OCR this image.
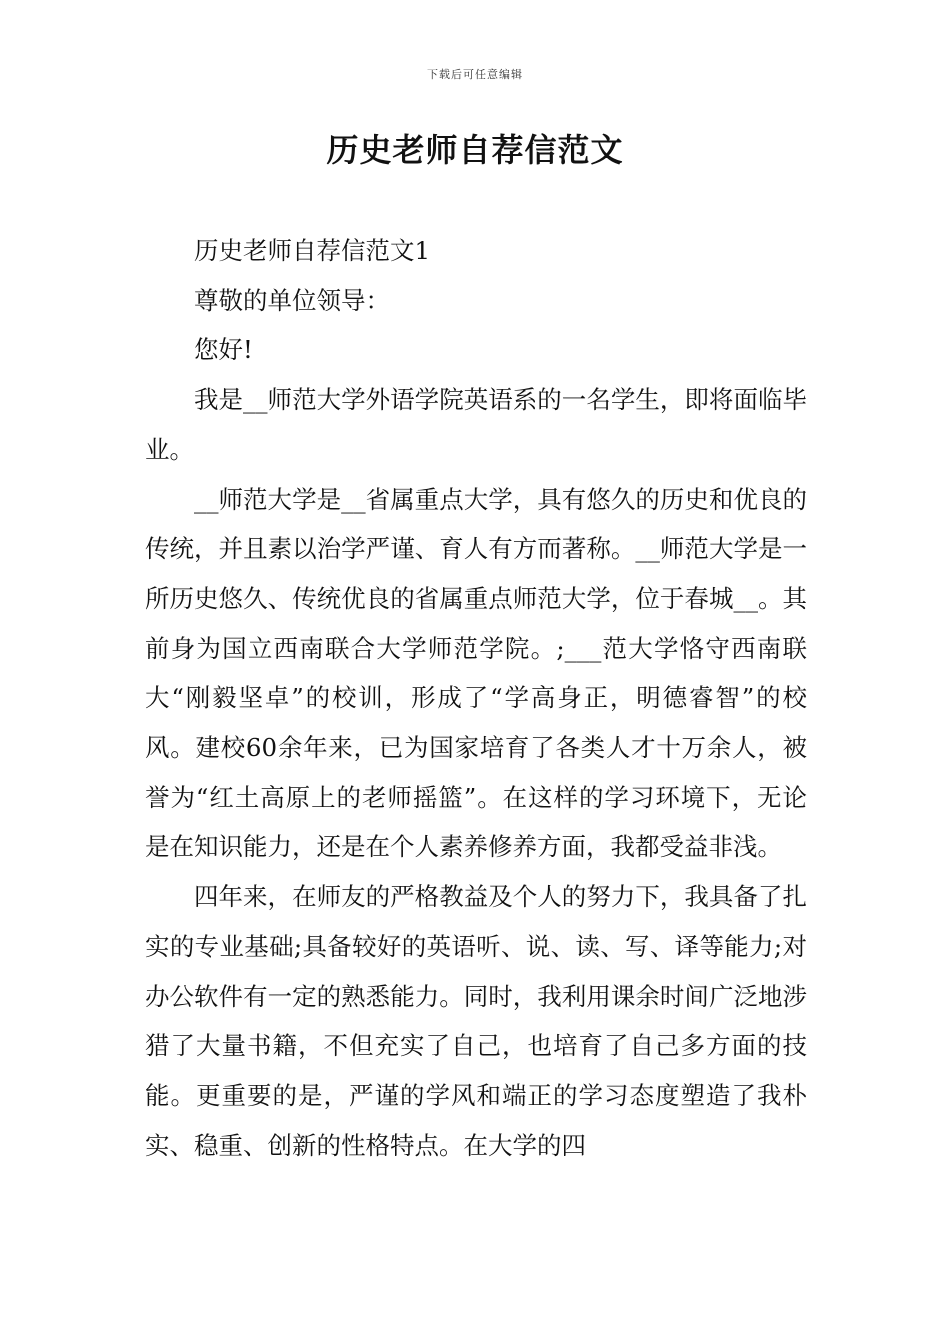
下载后可任意编辑
历史老师自荐信范文

历史老师自荐信范文1

尊敬的单位领导：

您好!

我是__师范大学外语学院英语系的一名学生，即将面临毕业。

__师范大学是__省属重点大学，具有悠久的历史和优良的传统，并且素以治学严谨、育人有方而著称。__师范大学是一所历史悠久、传统优良的省属重点师范大学，位于春城__。其前身为国立西南联合大学师范学院。;___范大学恪守西南联大“刚毅坚卓”的校训，形成了“学高身正，明德睿智”的校风。建校60余年来，已为国家培育了各类人才十万余人，被誉为“红土高原上的老师摇篮”。在这样的学习环境下，无论是在知识能力，还是在个人素养修养方面，我都受益非浅。

四年来，在师友的严格教益及个人的努力下，我具备了扎实的专业基础;具备较好的英语听、说、读、写、译等能力;对办公软件有一定的熟悉能力。同时，我利用课余时间广泛地涉猎了大量书籍，不但充实了自己，也培育了自己多方面的技能。更重要的是，严谨的学风和端正的学习态度塑造了我朴实、稳重、创新的性格特点。在大学的四
